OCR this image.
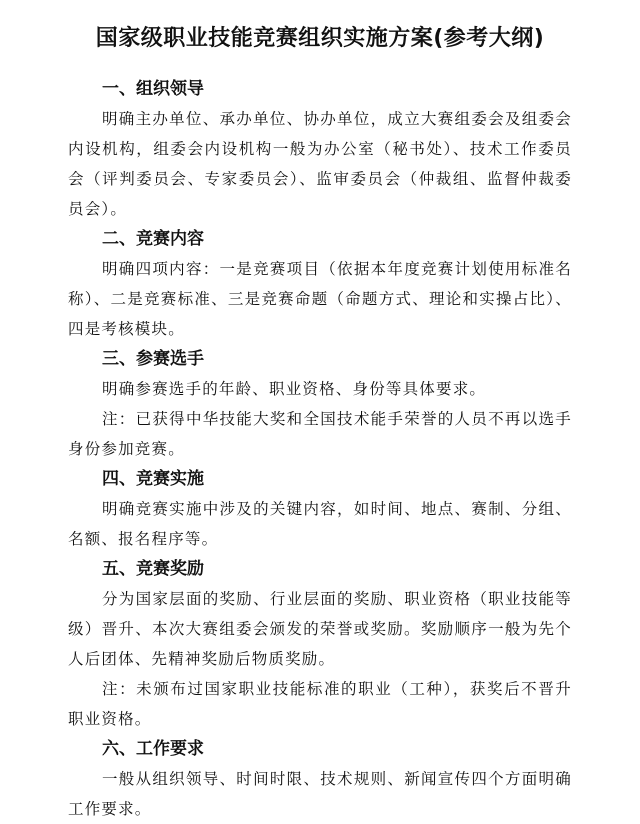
国家级职业技能竞赛组织实施方案(参考大纲)

一、组织领导

明确主办单位、承办单位、协办单位，成立大赛组委会及组委会内设机构，组委会内设机构一般为办公室（秘书处）、技术工作委员会（评判委员会、专家委员会）、监审委员会（仲裁组、监督仲裁委员会）。

二、竞赛内容

明确四项内容：一是竞赛项目（依据本年度竞赛计划使用标准名称）、二是竞赛标准、三是竞赛命题（命题方式、理论和实操占比）、四是考核模块。

三、参赛选手

明确参赛选手的年龄、职业资格、身份等具体要求。

注：已获得中华技能大奖和全国技术能手荣誉的人员不再以选手身份参加竞赛。

四、竞赛实施

明确竞赛实施中涉及的关键内容，如时间、地点、赛制、分组、名额、报名程序等。

五、竞赛奖励

分为国家层面的奖励、行业层面的奖励、职业资格（职业技能等级）晋升、本次大赛组委会颁发的荣誉或奖励。奖励顺序一般为先个人后团体、先精神奖励后物质奖励。

注：未颁布过国家职业技能标准的职业（工种），获奖后不晋升职业资格。

六、工作要求

一般从组织领导、时间时限、技术规则、新闻宣传四个方面明确工作要求。
